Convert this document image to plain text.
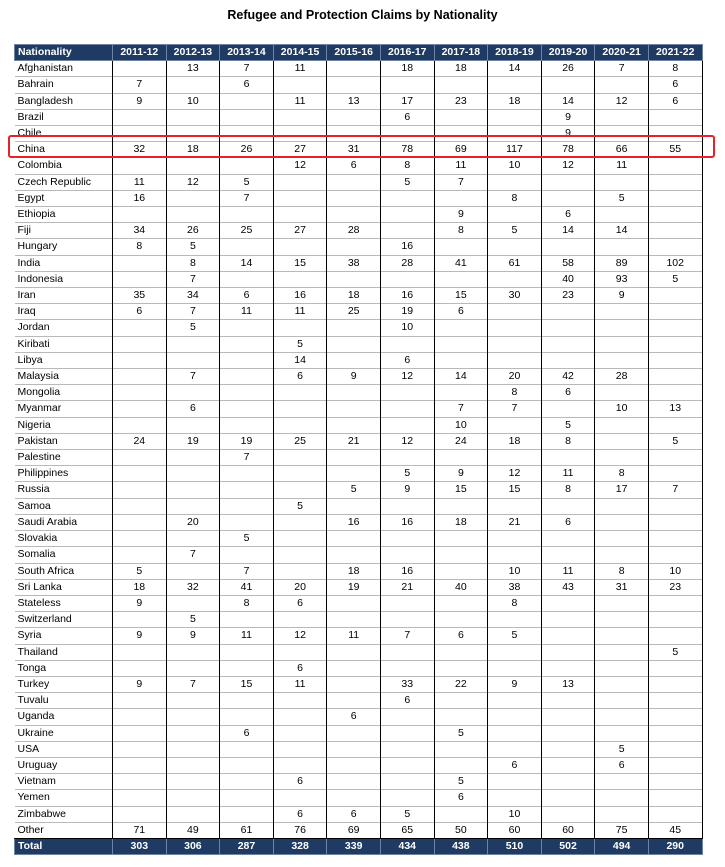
Refugee and Protection Claims by Nationality
Nationality	2011-12	2012-13	2013-14	2014-15	2015-16	2016-17	2017-18	2018-19	2019-20	2020-21	2021-22
Afghanistan		13	7	11		18	18	14	26	7	8
Bahrain	7		6								6
Bangladesh	9	10		11	13	17	23	18	14	12	6
Brazil						6			9		
Chile									9		
China	32	18	26	27	31	78	69	117	78	66	55
Colombia				12	6	8	11	10	12	11	
Czech Republic	11	12	5			5	7				
Egypt	16		7					8		5	
Ethiopia							9		6		
Fiji	34	26	25	27	28		8	5	14	14	
Hungary	8	5				16					
India		8	14	15	38	28	41	61	58	89	102
Indonesia		7							40	93	5
Iran	35	34	6	16	18	16	15	30	23	9	
Iraq	6	7	11	11	25	19	6				
Jordan		5				10					
Kiribati				5							
Libya				14		6					
Malaysia		7		6	9	12	14	20	42	28	
Mongolia								8	6		
Myanmar		6					7	7		10	13
Nigeria							10		5		
Pakistan	24	19	19	25	21	12	24	18	8		5
Palestine			7								
Philippines						5	9	12	11	8	
Russia					5	9	15	15	8	17	7
Samoa				5							
Saudi Arabia		20			16	16	18	21	6		
Slovakia			5								
Somalia		7									
South Africa	5		7		18	16		10	11	8	10
Sri Lanka	18	32	41	20	19	21	40	38	43	31	23
Stateless	9		8	6				8			
Switzerland		5									
Syria	9	9	11	12	11	7	6	5			
Thailand											5
Tonga				6							
Turkey	9	7	15	11		33	22	9	13		
Tuvalu						6					
Uganda					6						
Ukraine			6				5				
USA										5	
Uruguay								6		6	
Vietnam				6			5				
Yemen							6				
Zimbabwe				6	6	5		10			
Other	71	49	61	76	69	65	50	60	60	75	45
Total	303	306	287	328	339	434	438	510	502	494	290
